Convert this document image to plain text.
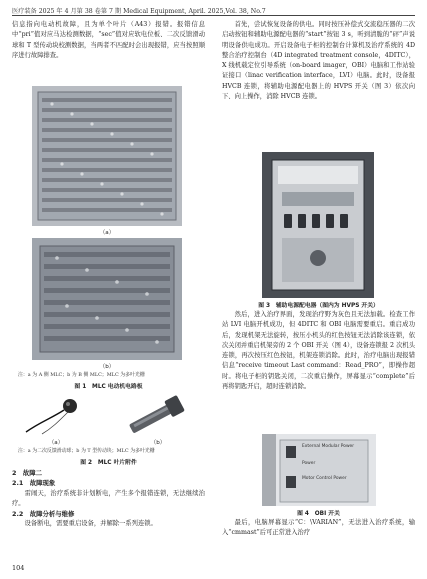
医疗装备 2025 年 4 月第 38 卷第 7 期 Medical Equipment, April. 2025,Vol. 38, No.7

信息指向电动机故障，且为单个叶片（A43）报错。报错信息中“pri”值对应马达检测数据，“sec”值对应软电位板、二次反馈滑动球和 T 型传动块校测数据，当两者不匹配时会出现报错，应当按照顺序进行故障排查。

（a）
（b）
注：a 为 A 侧 MLC；b 为 B 侧 MLC；MLC 为多叶光栅
图 1　MLC 电动机电路板
（a）	（b）
注：a 为二次反馈滑动球；b 为 T 型传动块；MLC 为多叶光栅
图 2　MLC 叶片附件
2　故障二
2.1　故障现象

雷闹天，治疗系统非计划断电，产生多个报错连锁，无法继续治疗。

2.2　故障分析与维修

设备断电，需要重启设备，并解除一系列连锁。

首先，尝试恢复设备的供电。同时按压补偿式交流稳压器的二次启动按钮和辅助电源配电器的“start”按钮 3 s，听到清脆的“砰”声说明设备供电成功。开启设备电子柜的控制台计算机及治疗系统的 4D 整合治疗控制台（4D integrated treatment console，4DITC），X 线机载定位引导系统（on-board imager，OBI）电脑和工作站验证接口（linac verification interface，LVI）电脑。此时，设备报 HVCB 连锁，将辅助电源配电器上的 HVPS 开关（图 3）依次向下、向上操作，消除 HVCB 连锁。

图 3　辅助电源配电器（图内为 HVPS 开关）

然后，进入治疗界面，发现治疗野为灰色且无法加载。检查工作站 LVI 电脑开机成功，但 4DITC 和 OBI 电脑需要重启。重启成功后，发现机架无法旋转，按压小机头的红色按钮无法消除该连锁，依次关闭并重启机架旁的 2 个 OBI 开关（图 4），设备连锁报 2 次机头连锁，再次按压红色按钮，机架连锁消除。此时，治疗电脑出现报错信息“receive timeout Last command：Read_PRO”，即操作超时。将电子柜的钥匙关闭，二次重启操作，屏幕显示“complete”后再将钥匙开启，超时连锁消除。

External Modular Power
Power
Motor Control Power
图 4　OBI 开关

最后，电脑屏幕显示“C：\VARIAN”，无法进入治疗系统，输入“cmmast”后可正常进入治疗

104
